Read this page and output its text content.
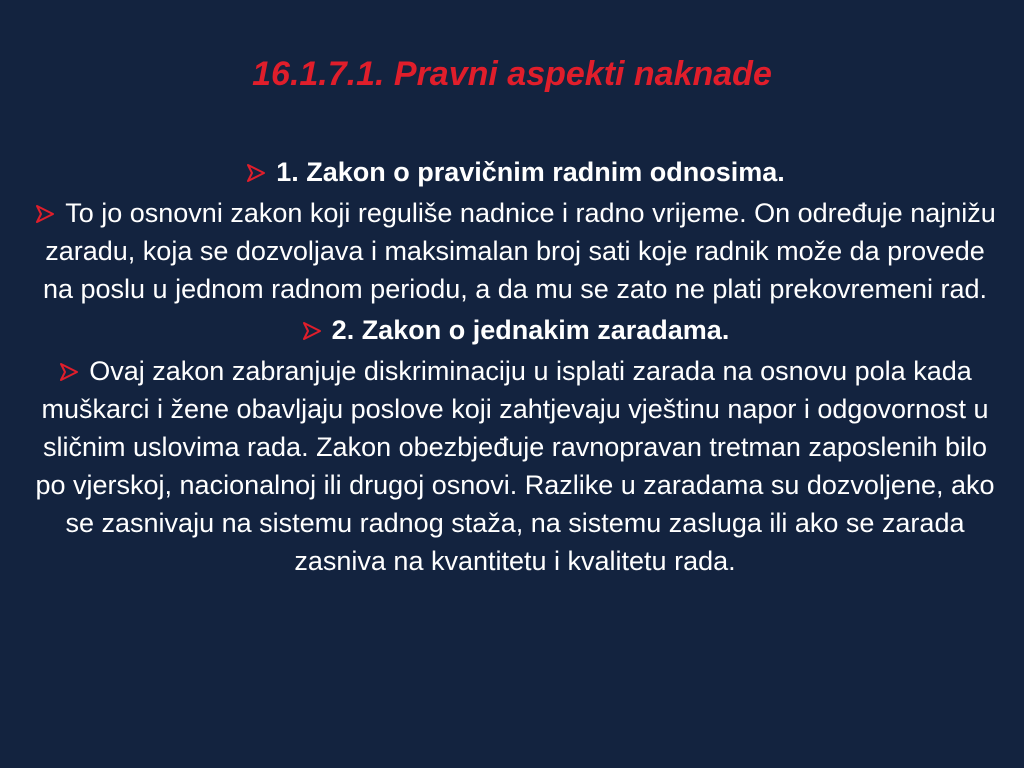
16.1.7.1. Pravni aspekti naknade

1. Zakon o pravičnim radnim odnosima.

To jo osnovni zakon koji reguliše nadnice i radno vrijeme. On određuje najnižu zaradu, koja se dozvoljava i maksimalan broj sati koje radnik može da provede na poslu u jednom radnom periodu, a da mu se zato ne plati prekovremeni rad.

2. Zakon o jednakim zaradama.

Ovaj zakon zabranjuje diskriminaciju u isplati zarada na osnovu pola kada muškarci i žene obavljaju poslove koji zahtjevaju vještinu napor i odgovornost u sličnim uslovima rada. Zakon obezbjeđuje ravnopravan tretman zaposlenih bilo po vjerskoj, nacionalnoj ili drugoj osnovi. Razlike u zaradama su dozvoljene, ako se zasnivaju na sistemu radnog staža, na sistemu zasluga ili ako se zarada zasniva na kvantitetu i kvalitetu rada.
